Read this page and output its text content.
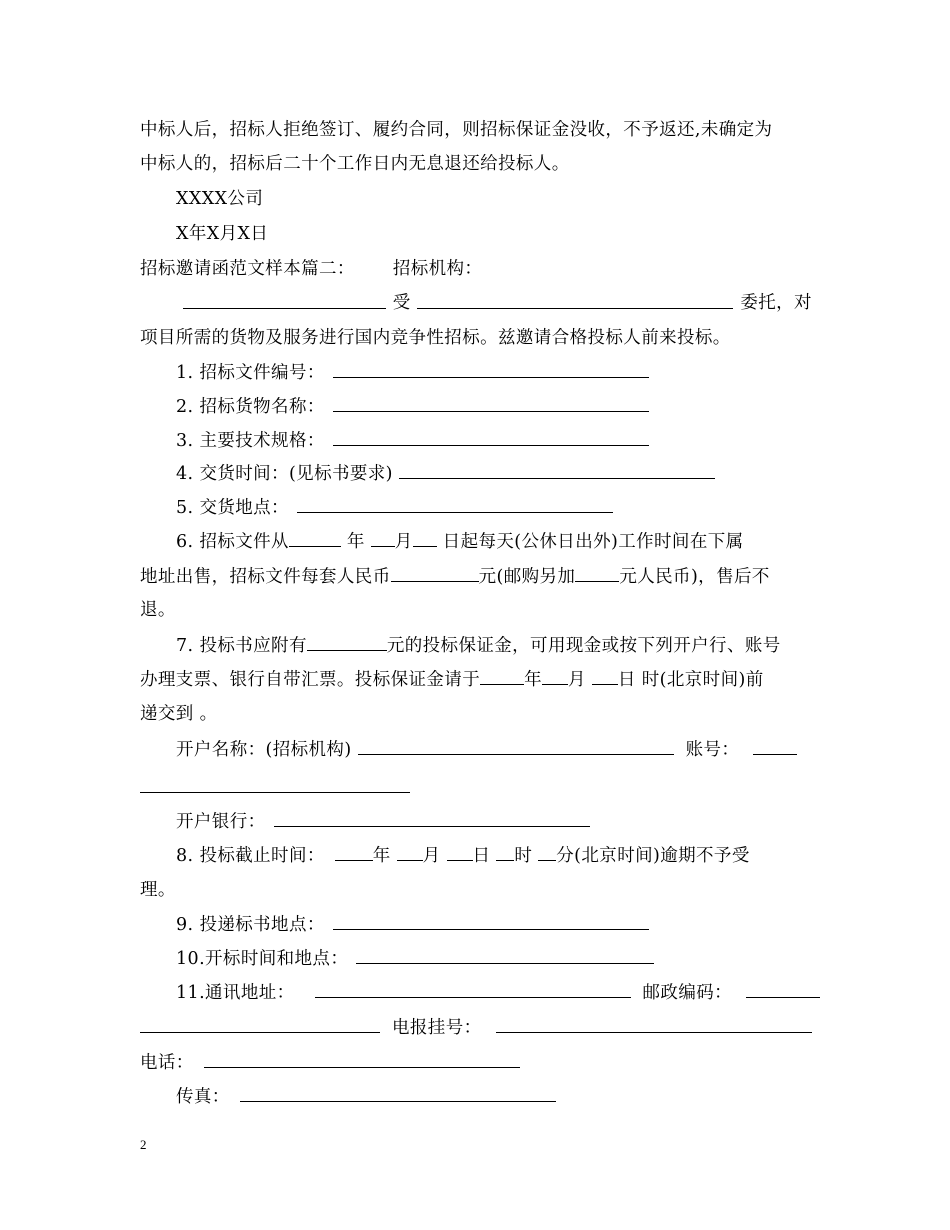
中标人后，招标人拒绝签订、履约合同，则招标保证金没收，不予返还,未确定为
中标人的，招标后二十个工作日内无息退还给投标人。
XXXX公司
X年X月X日
招标邀请函范文样本篇二： 招标机构：
受	委托，对
项目所需的货物及服务进行国内竞争性招标。兹邀请合格投标人前来投标。
1. 招标文件编号：
2. 招标货物名称：
3. 主要技术规格：
4. 交货时间：(见标书要求)
5. 交货地点：
6. 招标文件从	年 月 日起每天(公休日出外)工作时间在下属
地址出售，招标文件每套人民币	元(邮购另加	元人民币)，售后不
退。
7. 投标书应附有	元的投标保证金，可用现金或按下列开户行、账号
办理支票、银行自带汇票。投标保证金请于	年 月 日 时(北京时间)前
递交到 。
开户名称：(招标机构)	账号：
开户银行：
8. 投标截止时间：	年 月 日 时 分(北京时间)逾期不予受
理。
9. 投递标书地点：
10.开标时间和地点：
11.通讯地址：	邮政编码：
电报挂号：
电话：
传真：
2
